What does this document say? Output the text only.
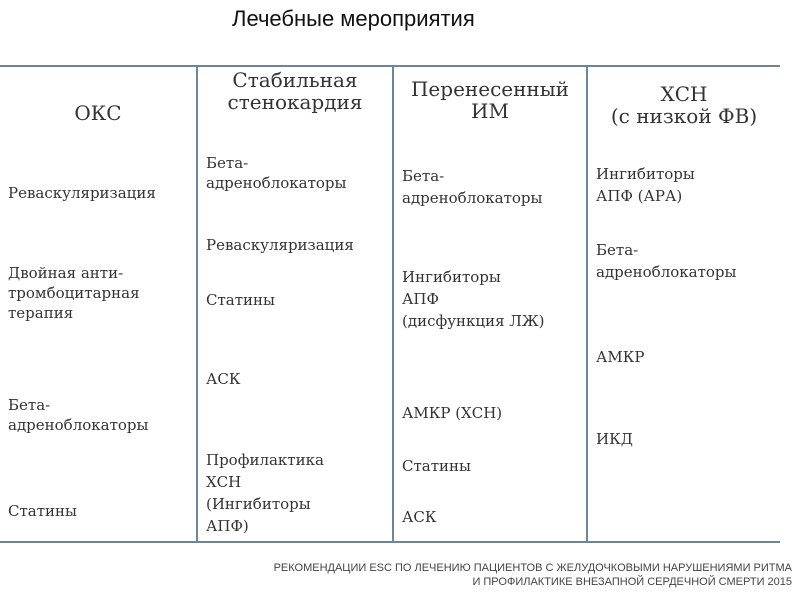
Лечебные мероприятия
ОКС
Стабильная
стенокардия
Перенесенный
ИМ
ХСН
(с низкой ФВ)
Реваскуляризация
Двойная анти-
тромбоцитарная
терапия
Бета-
адреноблокаторы
Статины
Бета-
адреноблокаторы
Реваскуляризация
Статины
АСК
Профилактика
ХСН
(Ингибиторы
АПФ)
Бета-
адреноблокаторы
Ингибиторы
АПФ
(дисфункция ЛЖ)
АМКР (ХСН)
Статины
АСК
Ингибиторы
АПФ (АРА)
Бета-
адреноблокаторы
АМКР
ИКД
РЕКОМЕНДАЦИИ ESC ПО ЛЕЧЕНИЮ ПАЦИЕНТОВ С ЖЕЛУДОЧКОВЫМИ НАРУШЕНИЯМИ РИТМА
И ПРОФИЛАКТИКЕ ВНЕЗАПНОЙ СЕРДЕЧНОЙ СМЕРТИ 2015
